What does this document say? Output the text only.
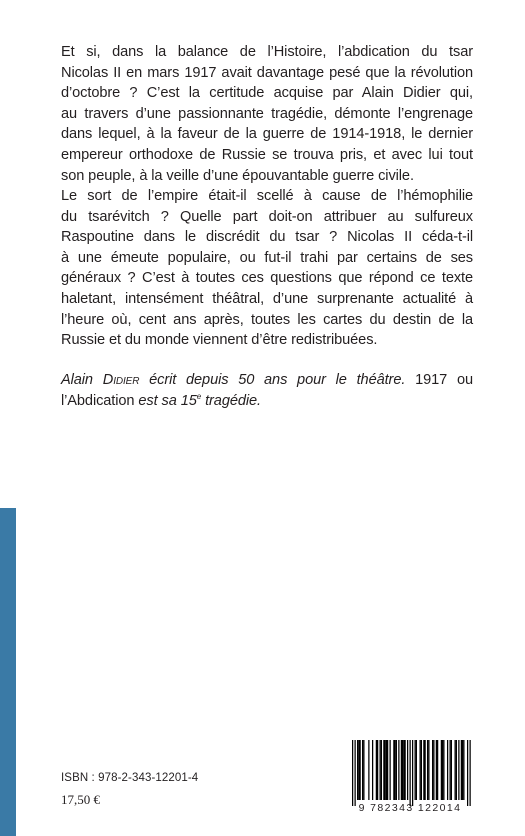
Et si, dans la balance de l’Histoire, l’abdication du tsar
Nicolas II en mars 1917 avait davantage pesé que la révolution
d’octobre ? C’est la certitude acquise par Alain Didier qui,
au travers d’une passionnante tragédie, démonte l’engrenage
dans lequel, à la faveur de la guerre de 1914-1918, le dernier
empereur orthodoxe de Russie se trouva pris, et avec lui tout
son peuple, à la veille d’une épouvantable guerre civile.
Le sort de l’empire était-il scellé à cause de l’hémophilie
du tsarévitch ? Quelle part doit-on attribuer au sulfureux
Raspoutine dans le discrédit du tsar ? Nicolas II céda-t-il
à une émeute populaire, ou fut-il trahi par certains de ses
généraux ? C’est à toutes ces questions que répond ce texte
haletant, intensément théâtral, d’une surprenante actualité à
l’heure où, cent ans après, toutes les cartes du destin de la
Russie et du monde viennent d’être redistribuées.
Alain Didier écrit depuis 50 ans pour le théâtre. 1917 ou
l’Abdication est sa 15e tragédie.
ISBN : 978-2-343-12201-4
17,50 €
9 782343 122014
